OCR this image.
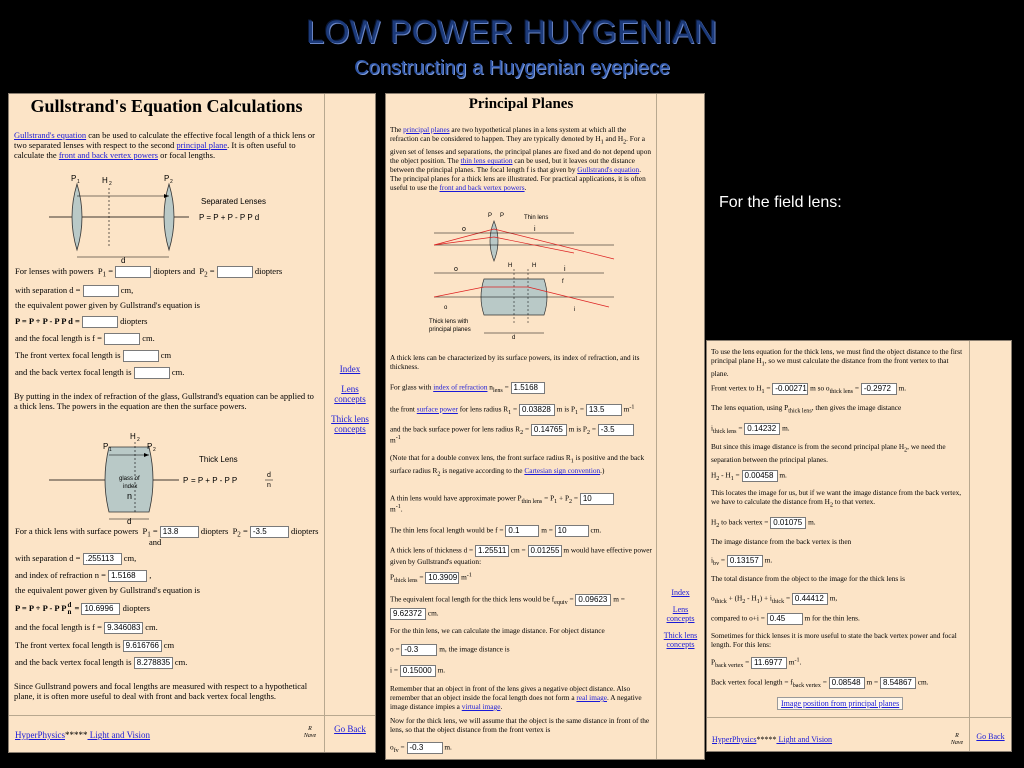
LOW POWER HUYGENIAN
Constructing a Huygenian eyepiece
For the field lens:
Gullstrand's Equation Calculations
Gullstrand's equation can be used to calculate the effective focal length of a thick lens or two separated lenses with respect to the second principal plane. It is often useful to calculate the front and back vertex powers or focal lengths.
P 1	H 2
P 2
Separated Lenses
P = P + P - P P d
d
For lenses with powers $P_1$ =	diopters and $P_2$ =	diopters
with separation d =	cm,
the equivalent power given by Gullstrand's equation is
P = P + P - P P d =	diopters
and the focal length is f =	cm.
The front vertex focal length is	cm
and the back vertex focal length is	cm.
By putting in the index of refraction of the glass, Gullstrand's equation can be applied to a thick lens. The powers in the equation are then the surface powers.
H 2
P 1	P 2
glass of
index
n
Thick Lens
P = P + P - P P
d
n
d
For a thick lens with surface powers $P_1 = 13.8$	diopters $P_2 = -3.5$	diopters
and
with separation d = .255113 cm,
and index of refraction n = 1.5168 ,
the equivalent power given by Gullstrand's equation is
P = P + P - P Pd
n = 10.6996 diopters
and the focal length is f = 9.346083 cm.
The front vertex focal length is 9.616766 cm
and the back vertex focal length is 8.278835 cm.
Since Gullstrand powers and focal lengths are measured with respect to a hypothetical plane, it is often more useful to deal with front and back vertex focal lengths.
HyperPhysics***** Light and Vision
R
Nave
Index
Lens concepts
Thick lens concepts
Go Back
Principal Planes
The principal planes are two hypothetical planes in a lens system at which all the refraction can be considered to happen. They are typically denoted by $H_1$ and $H_2$. For a given set of lenses and separations, the principal planes are fixed and do not depend upon the object position. The thin lens equation can be used, but it leaves out the distance between the principal planes. The focal length f is that given by Gullstrand's equation. The principal planes for a thick lens are illustrated. For practical applications, it is often useful to use the front and back vertex powers.
P P	Thin lens
o	i
o	i
H	H
f
o	i
d
Thick lens with
principal planes
A thick lens can be characterized by its surface powers, its index of refraction, and its thickness.
For glass with index of refraction $n_{lens} = 1.5168$
the front surface power for lens radius $R_1 = 0.03828$ m is $P_1 = 13.5$ $m^{-1}$
and the back surface power for lens radius $R_2 = 0.14765$ m is $P_2 = -3.5$
$m^{-1}$
(Note that for a double convex lens, the front surface radius $R_1$ is positive and the back surface radius $R_2$ is negative according to the Cartesian sign convention.)
A thin lens would have approximate power $P_{thin lens} = P_1 + P_2 = 10$
$m^{-1}$.
The thin lens focal length would be f = 0.1	m = 10	cm.
A thick lens of thickness d = 1.25511 cm = 0.01255 m would have effective power given by Gullstrand's equation:
$P_{thick lens} = 10.3909$ $m^{-1}$
The equivalent focal length for the thick lens would be $f_{equiv} = 0.09623$ m = 9.62372 cm.
For the thin lens, we can calculate the image distance. For object distance
o = -0.3	m, the image distance is
i = 0.15000 m.
Remember that an object in front of the lens gives a negative object distance. Also remember that an object inside the focal length does not form a real image. A negative image distance impies a virtual image.
Now for the thick lens, we will assume that the object is the same distance in front of the lens, so that the object distance from the front vertex is
$o_{fv} = -0.3$	m.
Index
Lens concepts
Thick lens concepts
To use the lens equation for the thick lens, we must find the object distance to the first principal plane $H_1$, so we must calculate the distance from the front vertex to that plane.
Front vertex to $H_1 = -0.00271$ m so $o_{thick lens} = -0.2972$ m.
The lens equation, using $P_{thick lens}$, then gives the image distance
$i_{thick lens} = 0.14232$ m.
But since this image distance is from the second principal plane $H_2$, we need the separation between the principal planes.
$H_2 - H_1 = 0.00458$ m.
This locates the image for us, but if we want the image distance from the back vertex, we have to calculate the distance from $H_2$ to that vertex.
$H_2$ to back vertex = 0.01075 m.
The image distance from the back vertex is then
$i_{bv} = 0.13157$ m.
The total distance from the object to the image for the thick lens is
$o_{thick} + (H_2 - H_1) + i_{thick} = 0.44412$ m,
compared to o+i = 0.45 m for the thin lens.
Sometimes for thick lenses it is more useful to state the back vertex power and focal length. For this lens:
$P_{back vertex} = 11.6977$ $m^{-1}$.
Back vertex focal length = $f_{back vertex} = 0.08548$ m = 8.54867 cm.
Image position from principal planes
HyperPhysics***** Light and Vision	R
Nave
Go Back
